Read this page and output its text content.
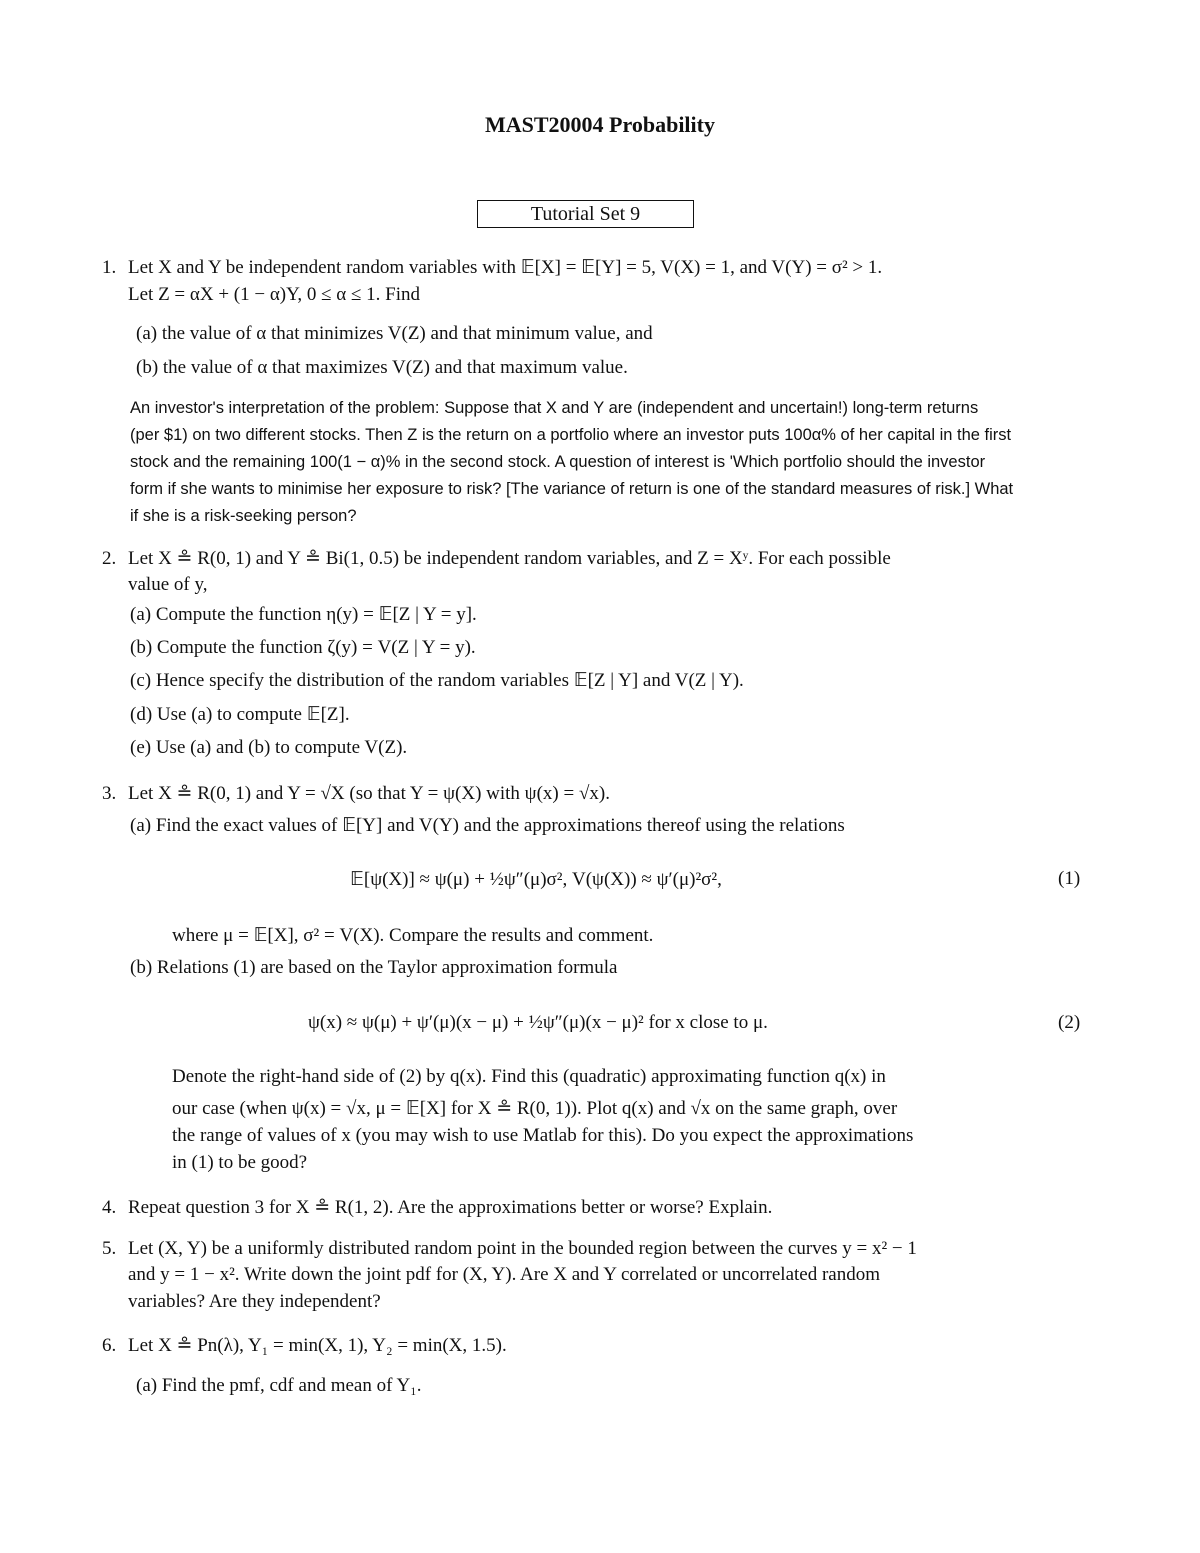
MAST20004 Probability
Tutorial Set 9
1. Let X and Y be independent random variables with 𝔼[X] = 𝔼[Y] = 5, V(X) = 1, and V(Y) = σ² > 1.
Let Z = αX + (1 − α)Y, 0 ≤ α ≤ 1. Find
(a) the value of α that minimizes V(Z) and that minimum value, and
(b) the value of α that maximizes V(Z) and that maximum value.
An investor's interpretation of the problem: Suppose that X and Y are (independent and uncertain!) long-term returns
(per $1) on two different stocks. Then Z is the return on a portfolio where an investor puts 100α% of her capital in the first
stock and the remaining 100(1 − α)% in the second stock. A question of interest is 'Which portfolio should the investor
form if she wants to minimise her exposure to risk? [The variance of return is one of the standard measures of risk.] What
if she is a risk-seeking person?
2. Let X ≗ R(0, 1) and Y ≗ Bi(1, 0.5) be independent random variables, and Z = Xʸ. For each possible
value of y,
(a) Compute the function η(y) = 𝔼[Z | Y = y].
(b) Compute the function ζ(y) = V(Z | Y = y).
(c) Hence specify the distribution of the random variables 𝔼[Z | Y] and V(Z | Y).
(d) Use (a) to compute 𝔼[Z].
(e) Use (a) and (b) to compute V(Z).
3. Let X ≗ R(0, 1) and Y = √X (so that Y = ψ(X) with ψ(x) = √x).
(a) Find the exact values of 𝔼[Y] and V(Y) and the approximations thereof using the relations
𝔼[ψ(X)] ≈ ψ(μ) + ½ψ″(μ)σ², V(ψ(X)) ≈ ψ′(μ)²σ²,	(1)
where μ = 𝔼[X], σ² = V(X). Compare the results and comment.
(b) Relations (1) are based on the Taylor approximation formula
ψ(x) ≈ ψ(μ) + ψ′(μ)(x − μ) + ½ψ″(μ)(x − μ)² for x close to μ.	(2)
Denote the right-hand side of (2) by q(x). Find this (quadratic) approximating function q(x) in
our case (when ψ(x) = √x, μ = 𝔼[X] for X ≗ R(0, 1)). Plot q(x) and √x on the same graph, over
the range of values of x (you may wish to use Matlab for this). Do you expect the approximations
in (1) to be good?
4. Repeat question 3 for X ≗ R(1, 2). Are the approximations better or worse? Explain.
5. Let (X, Y) be a uniformly distributed random point in the bounded region between the curves y = x² − 1
and y = 1 − x². Write down the joint pdf for (X, Y). Are X and Y correlated or uncorrelated random
variables? Are they independent?
6. Let X ≗ Pn(λ), Y₁ = min(X, 1), Y₂ = min(X, 1.5).
(a) Find the pmf, cdf and mean of Y₁.
